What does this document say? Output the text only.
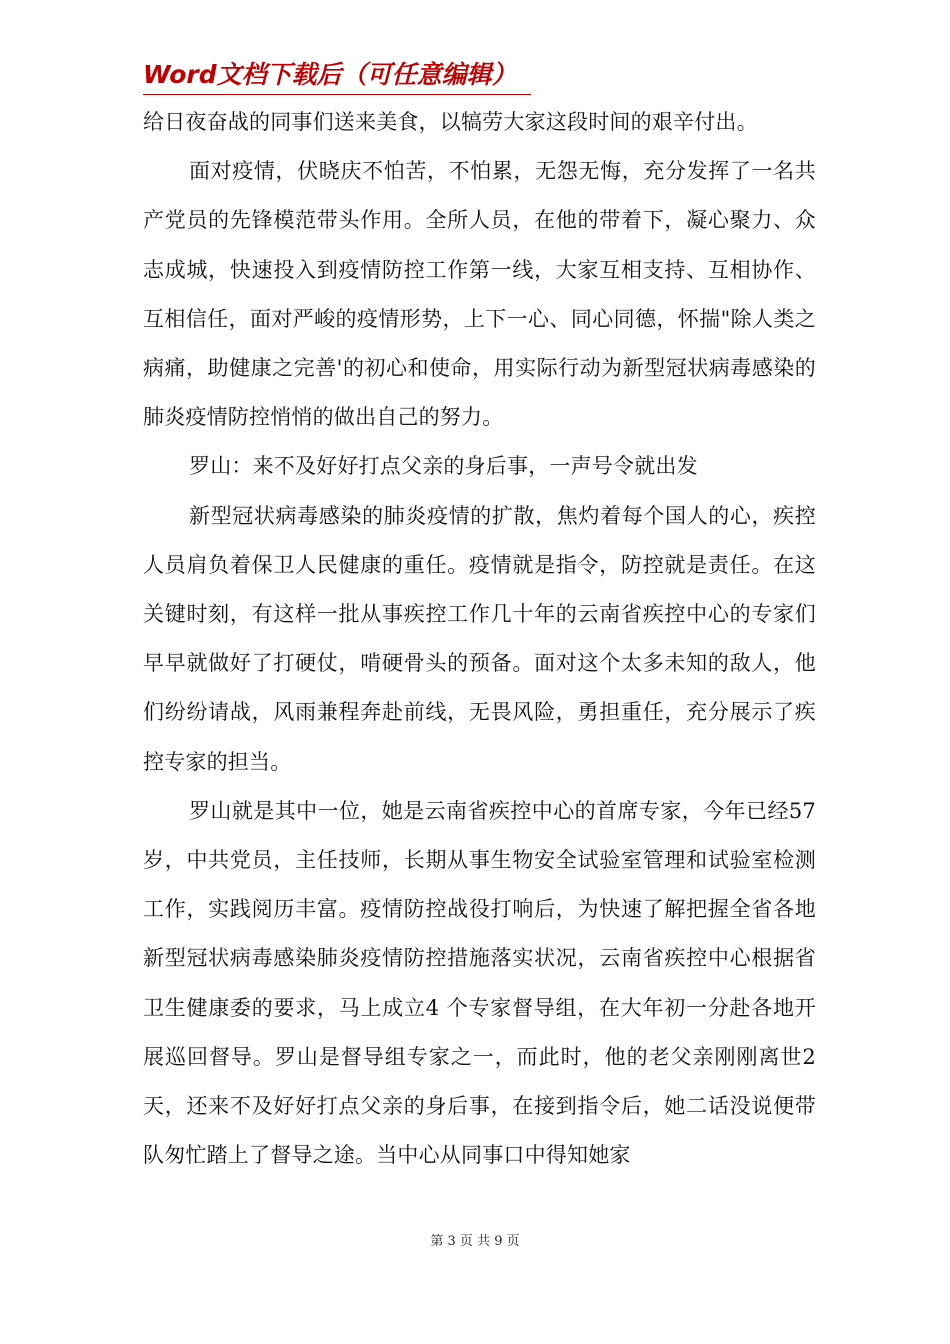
Word文档下载后（可任意编辑）

给日夜奋战的同事们送来美食，以犒劳大家这段时间的艰辛付出。

面对疫情，伏晓庆不怕苦，不怕累，无怨无悔，充分发挥了一名共产党员的先锋模范带头作用。全所人员，在他的带着下，凝心聚力、众志成城，快速投入到疫情防控工作第一线，大家互相支持、互相协作、互相信任，面对严峻的疫情形势，上下一心、同心同德，怀揣"除人类之病痛，助健康之完善'的初心和使命，用实际行动为新型冠状病毒感染的肺炎疫情防控悄悄的做出自己的努力。

罗山：来不及好好打点父亲的身后事，一声号令就出发

新型冠状病毒感染的肺炎疫情的扩散，焦灼着每个国人的心，疾控人员肩负着保卫人民健康的重任。疫情就是指令，防控就是责任。在这关键时刻，有这样一批从事疾控工作几十年的云南省疾控中心的专家们早早就做好了打硬仗，啃硬骨头的预备。面对这个太多未知的敌人，他们纷纷请战，风雨兼程奔赴前线，无畏风险，勇担重任，充分展示了疾控专家的担当。

罗山就是其中一位，她是云南省疾控中心的首席专家，今年已经57 岁，中共党员，主任技师，长期从事生物安全试验室管理和试验室检测工作，实践阅历丰富。疫情防控战役打响后，为快速了解把握全省各地新型冠状病毒感染肺炎疫情防控措施落实状况，云南省疾控中心根据省卫生健康委的要求，马上成立4 个专家督导组，在大年初一分赴各地开展巡回督导。罗山是督导组专家之一，而此时，他的老父亲刚刚离世2 天，还来不及好好打点父亲的身后事，在接到指令后，她二话没说便带队匆忙踏上了督导之途。当中心从同事口中得知她家

第 3 页 共 9 页
